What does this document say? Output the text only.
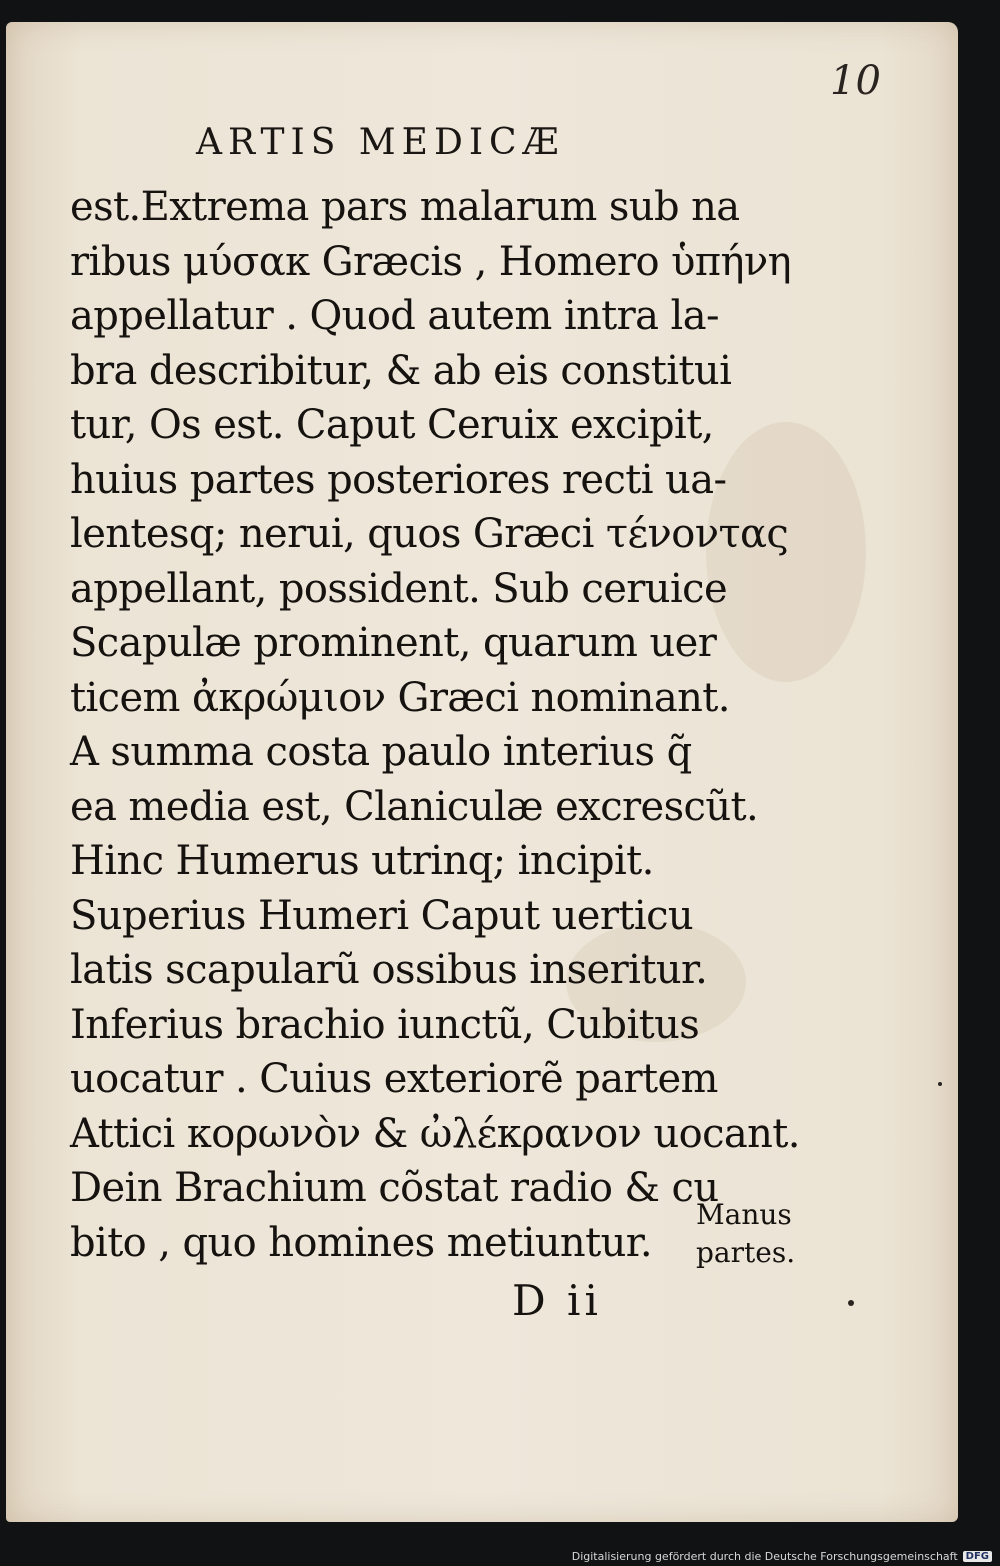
10
ARTIS MEDICÆ
est.Extrema pars malarum sub na
ribus μύσακ Græcis , Homero ὑπήνη
appellatur . Quod autem intra la-
bra describitur, & ab eis constitui
tur, Os est. Caput Ceruix excipit,
huius partes posteriores recti ua-
lentesq; nerui, quos Græci τένοντας
appellant, possident. Sub ceruice
Scapulæ prominent, quarum uer
ticem ἀκρώμιον Græci nominant.
A summa costa paulo interius q̃
ea media est, Claniculæ excrescũt.
Hinc Humerus utrinq; incipit.
Superius Humeri Caput uerticu
latis scapularũ ossibus inseritur.
Inferius brachio iunctũ, Cubitus
uocatur . Cuius exteriorẽ partem
Attici κορωνὸν & ὠλέκρανον uocant.
Dein Brachium cõstat radio & cu
bito , quo homines metiuntur.
Manus
partes.
D ii
Digitalisierung gefördert durch die Deutsche Forschungsgemeinschaft DFG
